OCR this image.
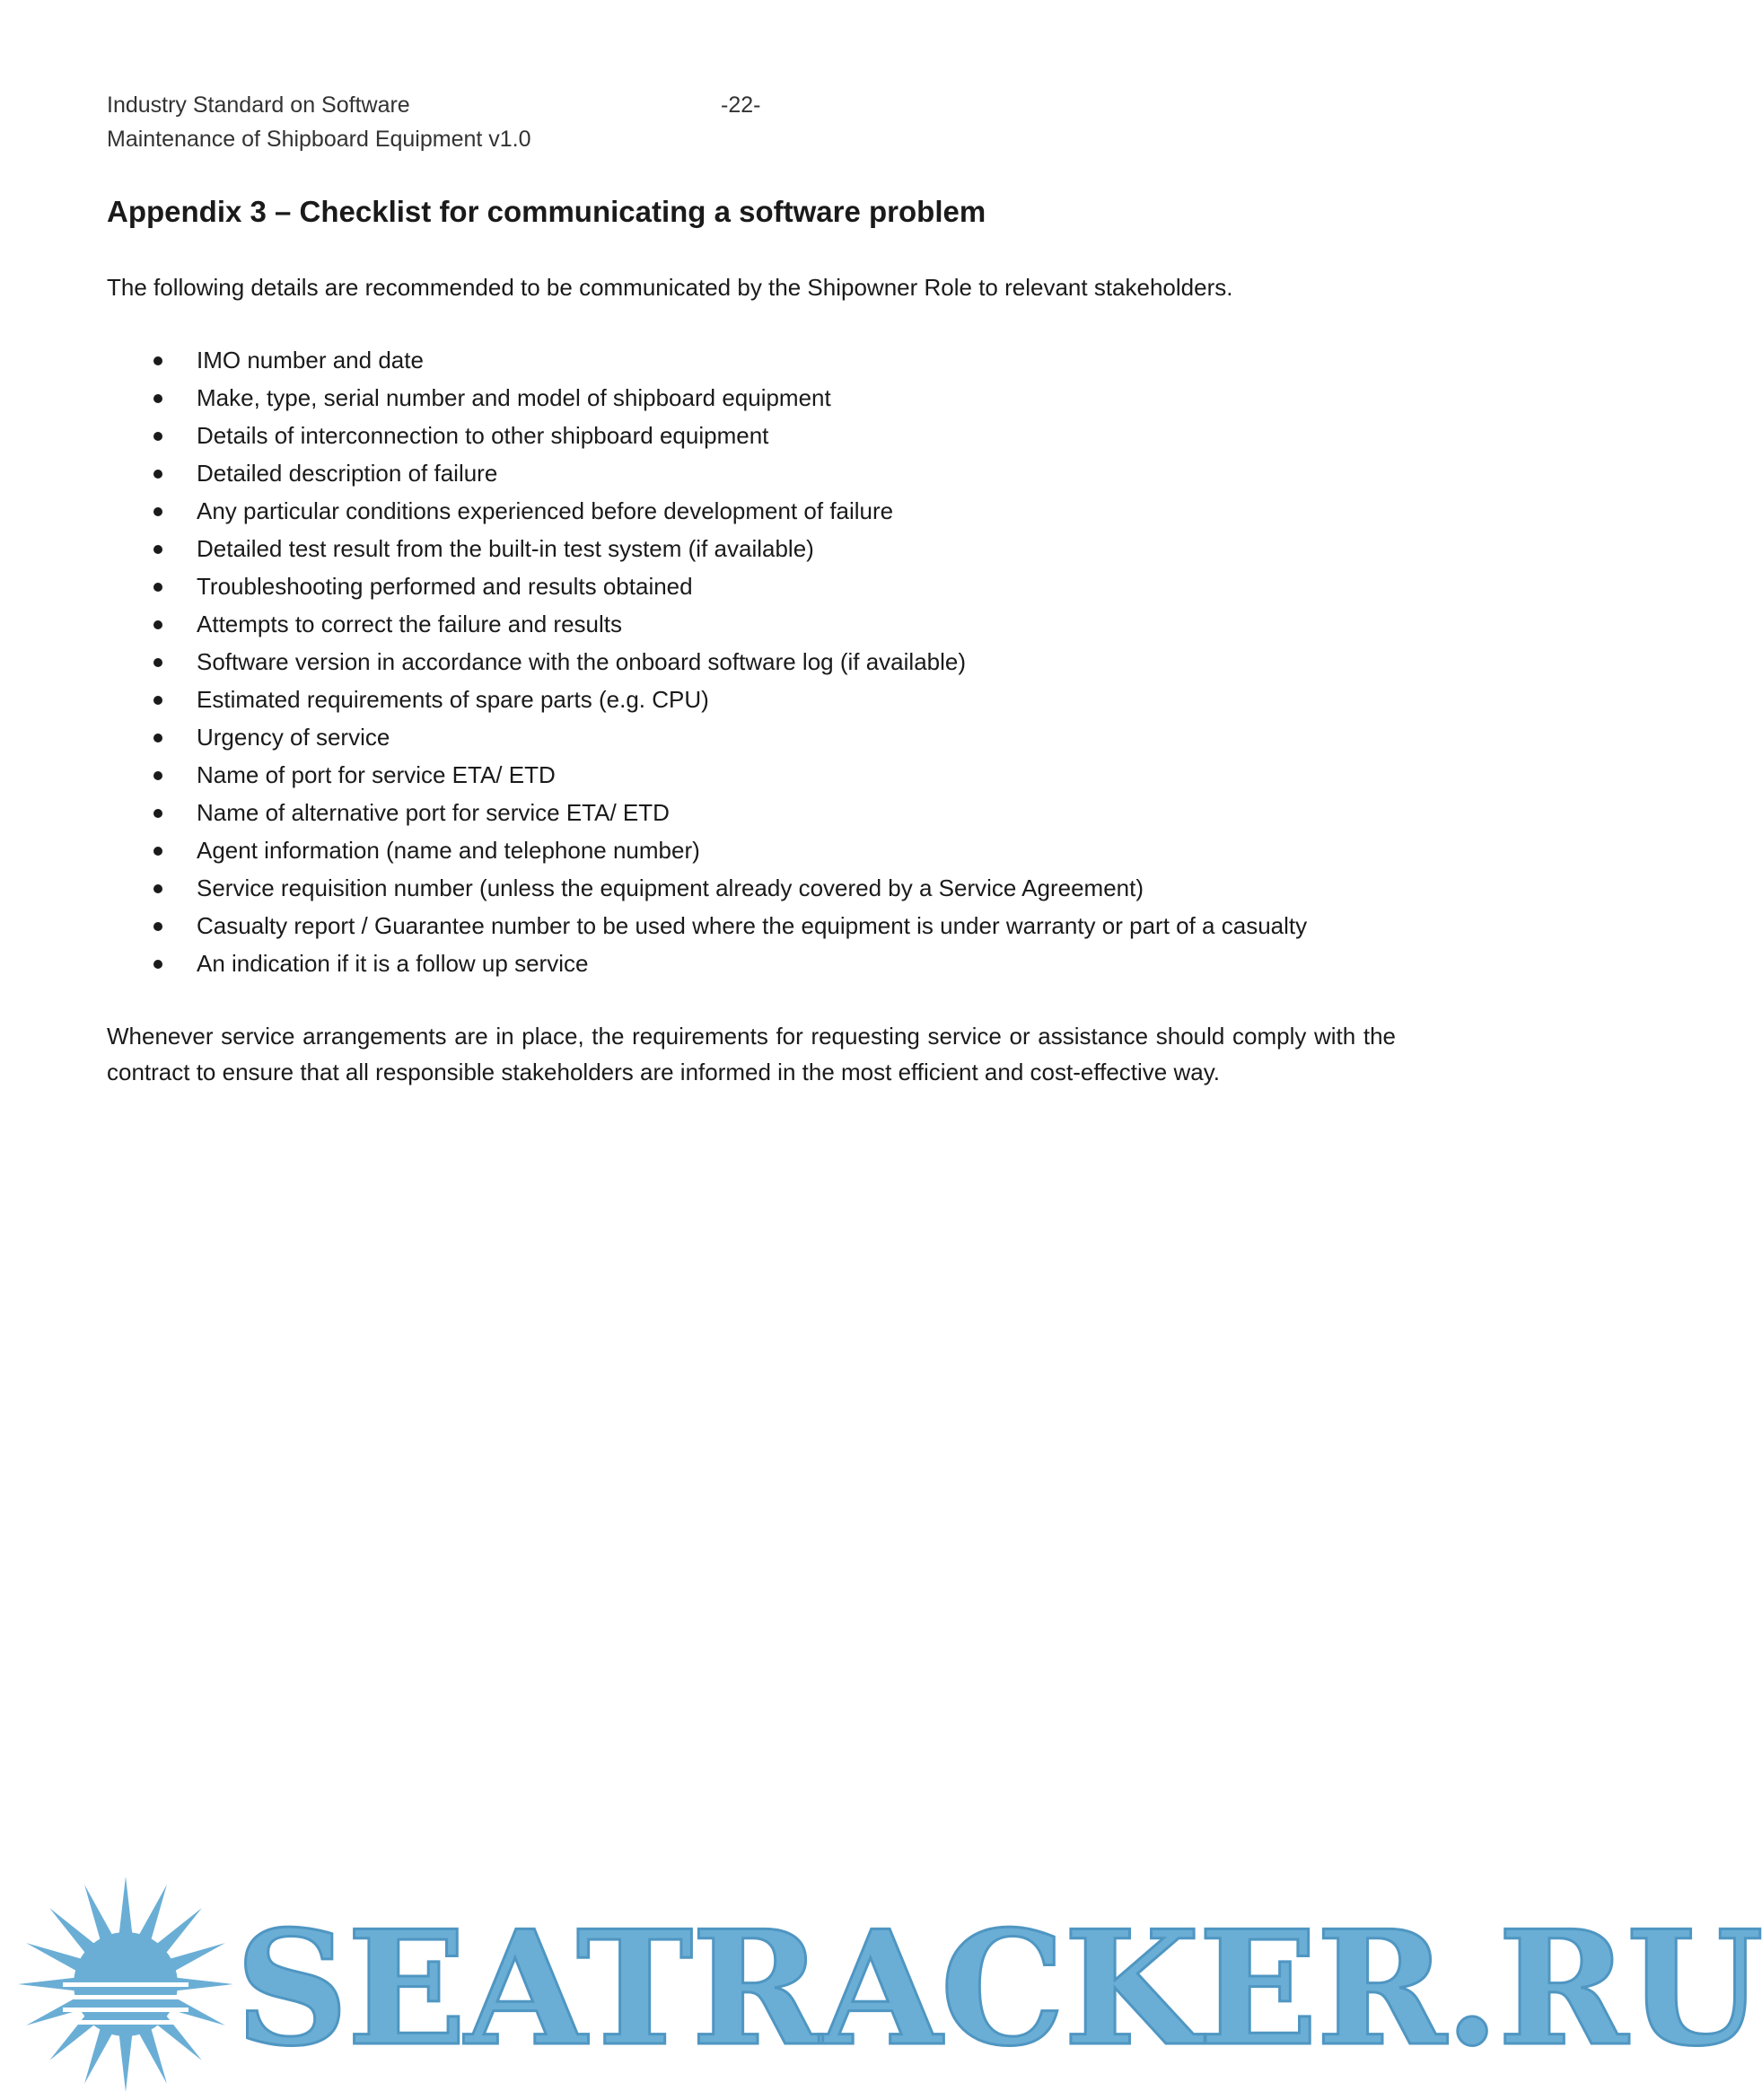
Industry Standard on Software
Maintenance of Shipboard Equipment v1.0
-22-
Appendix 3 – Checklist for communicating a software problem

The following details are recommended to be communicated by the Shipowner Role to relevant stakeholders.

IMO number and date
Make, type, serial number and model of shipboard equipment
Details of interconnection to other shipboard equipment
Detailed description of failure
Any particular conditions experienced before development of failure
Detailed test result from the built-in test system (if available)
Troubleshooting performed and results obtained
Attempts to correct the failure and results
Software version in accordance with the onboard software log (if available)
Estimated requirements of spare parts (e.g. CPU)
Urgency of service
Name of port for service ETA/ ETD
Name of alternative port for service ETA/ ETD
Agent information (name and telephone number)
Service requisition number (unless the equipment already covered by a Service Agreement)
Casualty report / Guarantee number to be used where the equipment is under warranty or part of a casualty
An indication if it is a follow up service

Whenever service arrangements are in place, the requirements for requesting service or assistance should comply with the contract to ensure that all responsible stakeholders are informed in the most efficient and cost-effective way.

SEATRACKER.RU
